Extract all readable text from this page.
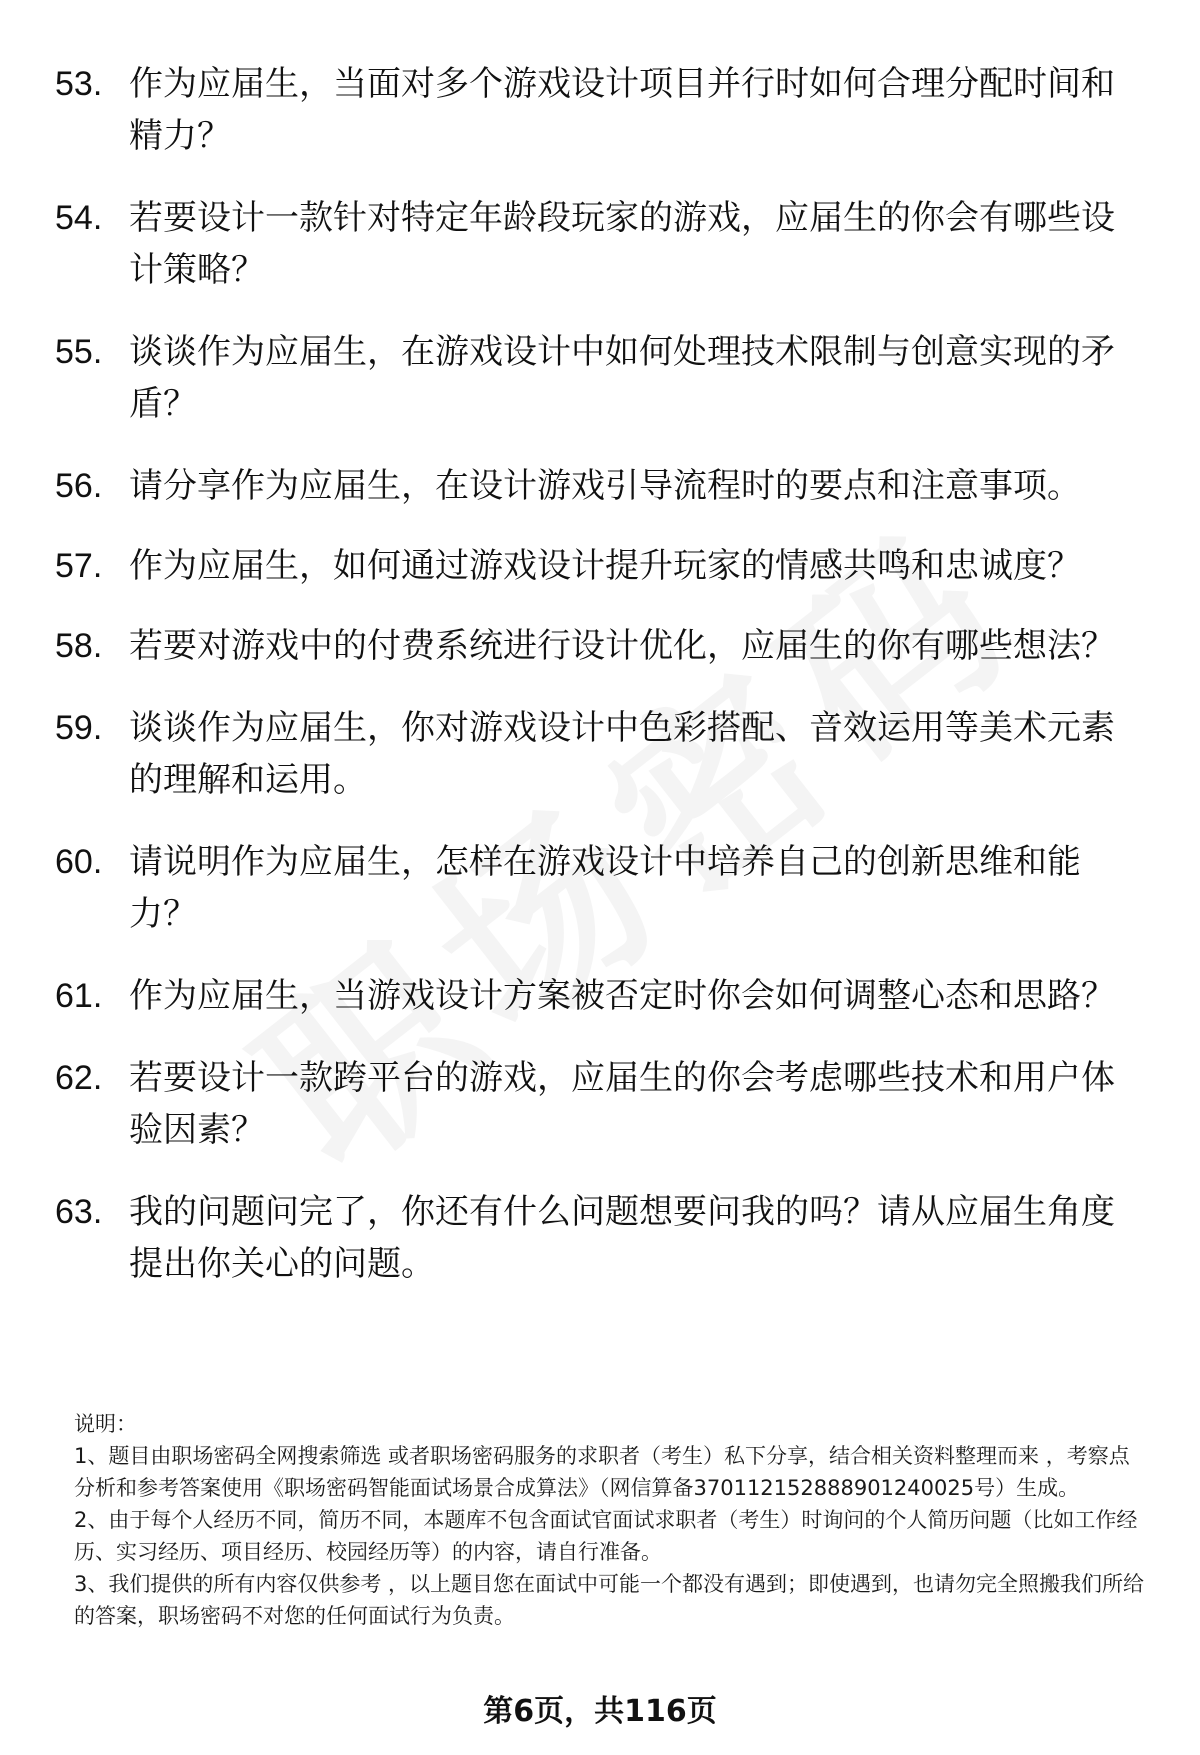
53. 作为应届生，当面对多个游戏设计项目并行时如何合理分配时间和精力？
54. 若要设计一款针对特定年龄段玩家的游戏，应届生的你会有哪些设计策略？
55. 谈谈作为应届生，在游戏设计中如何处理技术限制与创意实现的矛盾？
56. 请分享作为应届生，在设计游戏引导流程时的要点和注意事项。
57. 作为应届生，如何通过游戏设计提升玩家的情感共鸣和忠诚度？
58. 若要对游戏中的付费系统进行设计优化，应届生的你有哪些想法？
59. 谈谈作为应届生，你对游戏设计中色彩搭配、音效运用等美术元素的理解和运用。
60. 请说明作为应届生，怎样在游戏设计中培养自己的创新思维和能力？
61. 作为应届生，当游戏设计方案被否定时你会如何调整心态和思路？
62. 若要设计一款跨平台的游戏，应届生的你会考虑哪些技术和用户体验因素？
63. 我的问题问完了，你还有什么问题想要问我的吗？请从应届生角度提出你关心的问题。

说明：

1、题目由职场密码全网搜索筛选 或者职场密码服务的求职者（考生）私下分享，结合相关资料整理而来 ，考察点分析和参考答案使用《职场密码智能面试场景合成算法》（网信算备370112152888901240025号）生成。

2、由于每个人经历不同，简历不同，本题库不包含面试官面试求职者（考生）时询问的个人简历问题（比如工作经历、实习经历、项目经历、校园经历等）的内容，请自行准备。

3、我们提供的所有内容仅供参考 ，以上题目您在面试中可能一个都没有遇到；即使遇到，也请勿完全照搬我们所给的答案，职场密码不对您的任何面试行为负责。

第6页，共116页
